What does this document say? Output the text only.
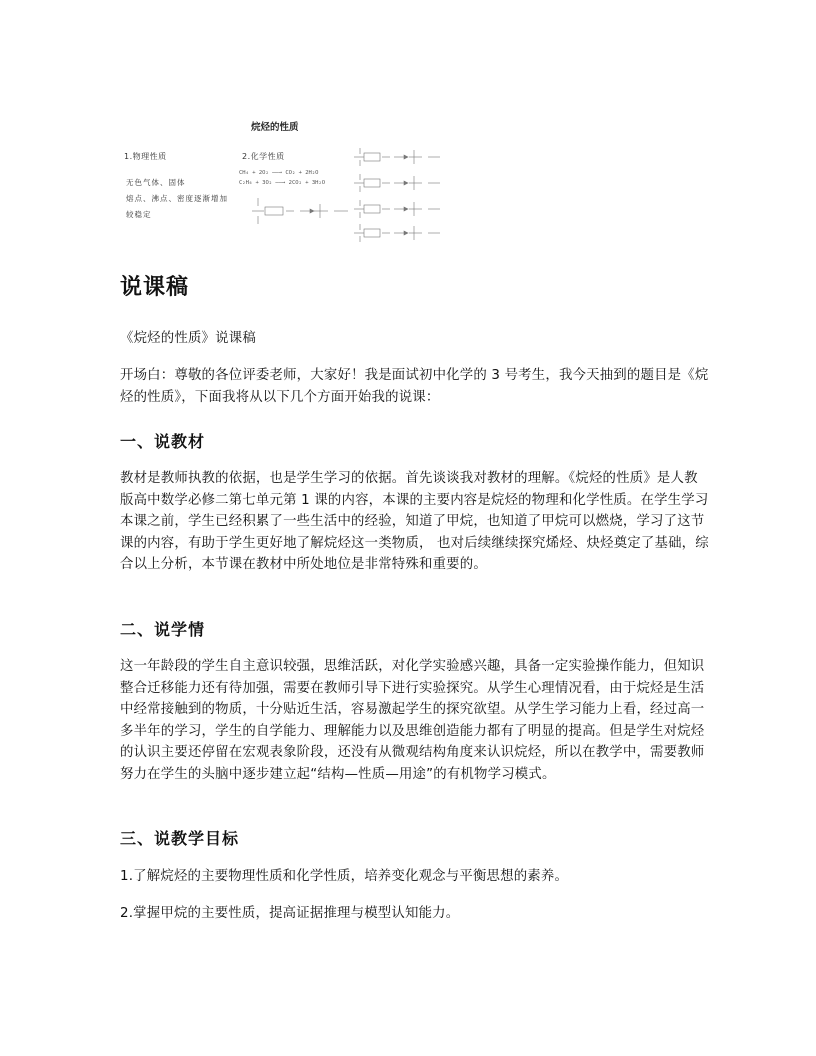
烷烃的性质
1.物理性质
无色气体、固体
熔点、沸点、密度逐渐增加
较稳定
2.化学性质
CH₄ + 2O₂ ──→ CO₂ + 2H₂O
C₂H₆ + 3O₂ ──→ 2CO₂ + 3H₂O
说课稿

《烷烃的性质》说课稿

开场白：尊敬的各位评委老师，大家好！我是面试初中化学的 3 号考生，我今天抽到的题目是《烷烃的性质》，下面我将从以下几个方面开始我的说课：

一、说教材

教材是教师执教的依据，也是学生学习的依据。首先谈谈我对教材的理解。《烷烃的性质》是人教版高中数学必修二第七单元第 1 课的内容，本课的主要内容是烷烃的物理和化学性质。在学生学习本课之前，学生已经积累了一些生活中的经验，知道了甲烷，也知道了甲烷可以燃烧，学习了这节课的内容，有助于学生更好地了解烷烃这一类物质， 也对后续继续探究烯烃、炔烃奠定了基础，综合以上分析，本节课在教材中所处地位是非常特殊和重要的。

二、说学情

这一年龄段的学生自主意识较强，思维活跃，对化学实验感兴趣，具备一定实验操作能力，但知识整合迁移能力还有待加强，需要在教师引导下进行实验探究。从学生心理情况看，由于烷烃是生活中经常接触到的物质，十分贴近生活，容易激起学生的探究欲望。从学生学习能力上看，经过高一多半年的学习，学生的自学能力、理解能力以及思维创造能力都有了明显的提高。但是学生对烷烃的认识主要还停留在宏观表象阶段，还没有从微观结构角度来认识烷烃，所以在教学中，需要教师努力在学生的头脑中逐步建立起“结构—性质—用途”的有机物学习模式。

三、说教学目标

1.了解烷烃的主要物理性质和化学性质，培养变化观念与平衡思想的素养。

2.掌握甲烷的主要性质，提高证据推理与模型认知能力。
